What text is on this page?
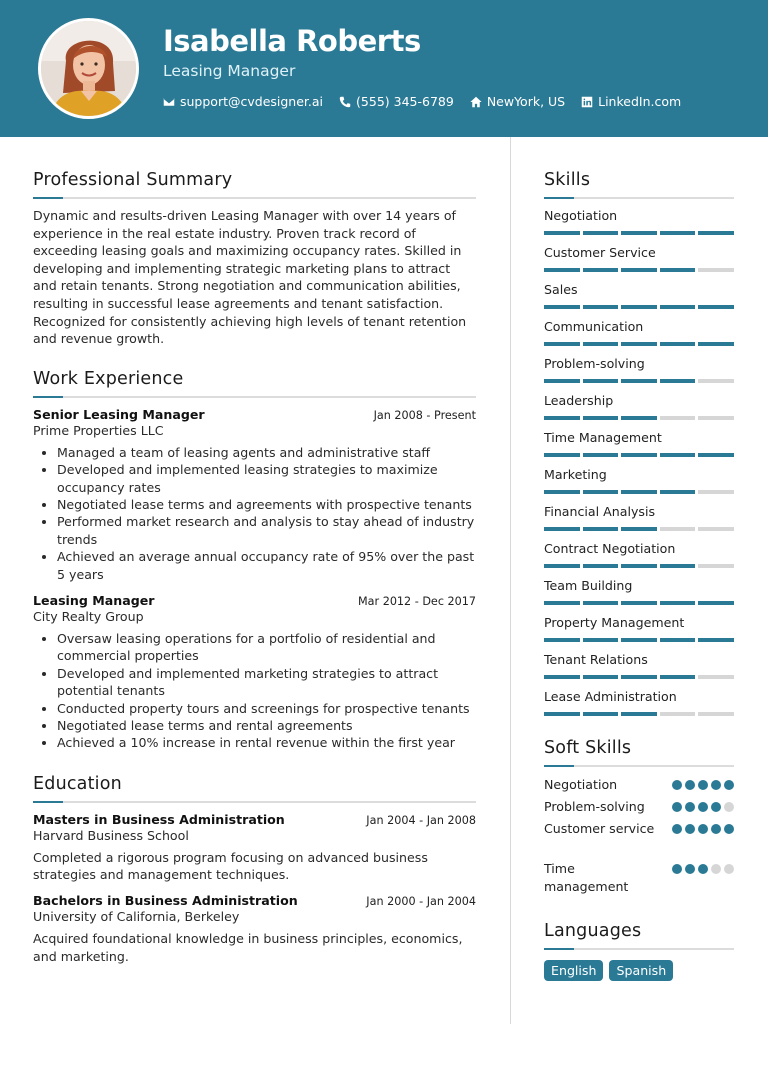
Isabella Roberts
Leasing Manager
support@cvdesigner.ai	(555) 345-6789	NewYork, US	LinkedIn.com
Professional Summary

Dynamic and results-driven Leasing Manager with over 14 years of experience in the real estate industry. Proven track record of exceeding leasing goals and maximizing occupancy rates. Skilled in developing and implementing strategic marketing plans to attract and retain tenants. Strong negotiation and communication abilities, resulting in successful lease agreements and tenant satisfaction. Recognized for consistently achieving high levels of tenant retention and revenue growth.

Work Experience
Senior Leasing Manager	Jan 2008 - Present
Prime Properties LLC
• Managed a team of leasing agents and administrative staff
• Developed and implemented leasing strategies to maximize occupancy rates
• Negotiated lease terms and agreements with prospective tenants
• Performed market research and analysis to stay ahead of industry trends
• Achieved an average annual occupancy rate of 95% over the past 5 years
Leasing Manager	Mar 2012 - Dec 2017
City Realty Group
• Oversaw leasing operations for a portfolio of residential and commercial properties
• Developed and implemented marketing strategies to attract potential tenants
• Conducted property tours and screenings for prospective tenants
• Negotiated lease terms and rental agreements
• Achieved a 10% increase in rental revenue within the first year
Education
Masters in Business Administration	Jan 2004 - Jan 2008
Harvard Business School

Completed a rigorous program focusing on advanced business strategies and management techniques.

Bachelors in Business Administration	Jan 2000 - Jan 2004
University of California, Berkeley

Acquired foundational knowledge in business principles, economics, and marketing.

Skills
Negotiation
Customer Service
Sales
Communication
Problem-solving
Leadership
Time Management
Marketing
Financial Analysis
Contract Negotiation
Team Building
Property Management
Tenant Relations
Lease Administration
Soft Skills
Negotiation
Problem-solving
Customer service
Time management
Languages
English	Spanish
